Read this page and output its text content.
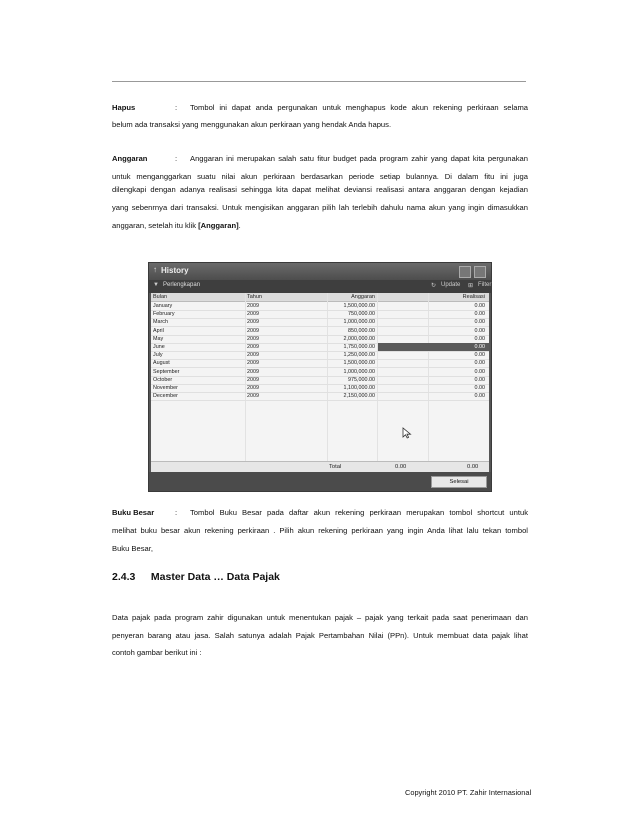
Hapus	: Tombol ini dapat anda pergunakan untuk menghapus kode akun rekening perkiraan selama
belum ada transaksi yang menggunakan akun perkiraan yang hendak Anda hapus.
Anggaran	: Anggaran ini merupakan salah satu fitur budget pada program zahir yang dapat kita pergunakan
untuk menganggarkan suatu nilai akun perkiraan berdasarkan periode setiap bulannya. Di dalam fitu ini juga
dilengkapi dengan adanya realisasi sehingga kita dapat melihat deviansi realisasi antara anggaran dengan kejadian
yang sebenrnya dari transaksi. Untuk mengisikan anggaran pilih lah terlebih dahulu nama akun yang ingin dimasukkan
anggaran, setelah itu klik [Anggaran].
↑ History
▼ Perlengkapan	↻ Update ⊞ Filter
Bulan	Tahun	Anggaran	Realisasi
January	2009	1,500,000.00	0.00
February	2009	750,000.00	0.00
March	2009	1,000,000.00	0.00
April	2009	850,000.00	0.00
May	2009	2,000,000.00	0.00
June	2009	1,750,000.00	0.00
July	2009	1,250,000.00	0.00
August	2009	1,500,000.00	0.00
September	2009	1,000,000.00	0.00
October	2009	975,000.00	0.00
November	2009	1,100,000.00	0.00
December	2009	2,150,000.00	0.00
Total	0.00	0.00
Selesai
Buku Besar	: Tombol Buku Besar pada daftar akun rekening perkiraan merupakan tombol shortcut untuk
melihat buku besar akun rekening perkiraan . Pilih akun rekening perkiraan yang ingin Anda lihat lalu tekan tombol
Buku Besar,
2.4.3 Master Data … Data Pajak
Data pajak pada program zahir digunakan untuk menentukan pajak – pajak yang terkait pada saat penerimaan dan
penyeran barang atau jasa. Salah satunya adalah Pajak Pertambahan Nilai (PPn). Untuk membuat data pajak lihat
contoh gambar berikut ini :
Copyright 2010 PT. Zahir Internasional
